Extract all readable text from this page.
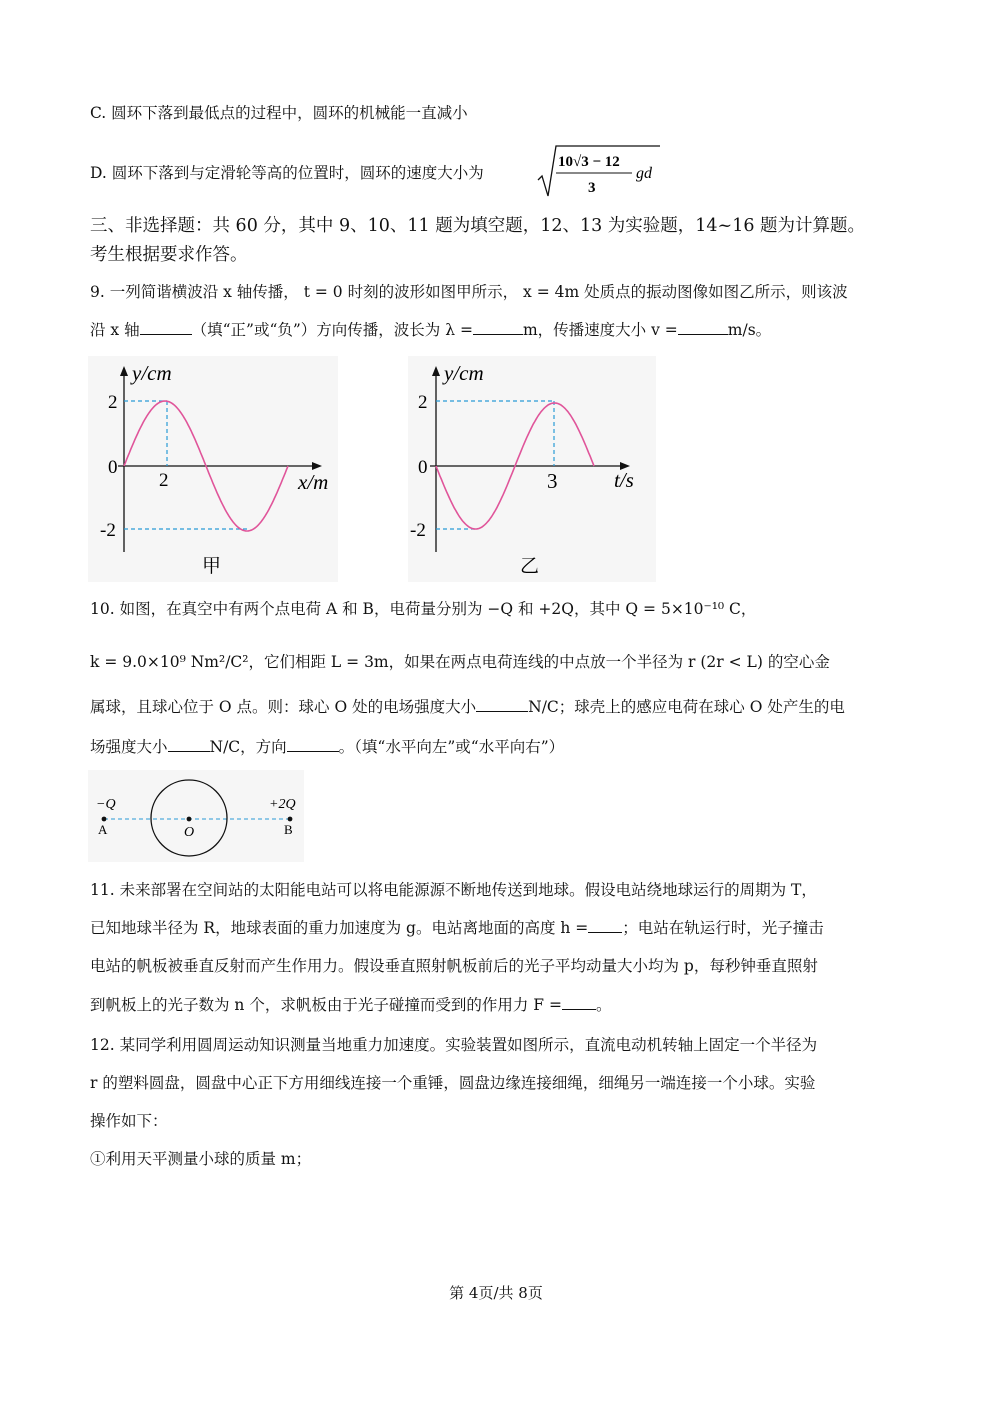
C. 圆环下落到最低点的过程中，圆环的机械能一直减小
D. 圆环下落到与定滑轮等高的位置时，圆环的速度大小为
10√3 − 12
3
gd
三、非选择题：共 60 分，其中 9、10、11 题为填空题，12、13 为实验题，14~16 题为计算题。
考生根据要求作答。
9. 一列简谐横波沿 x 轴传播， t = 0 时刻的波形如图甲所示， x = 4m 处质点的振动图像如图乙所示，则该波
沿 x 轴	（填“正”或“负”）方向传播，波长为 λ =	m，传播速度大小 v =	m/s。
y/cm
2
0
-2
2	x/m
甲
y/cm
2
0
-2
3	t/s
乙
10. 如图，在真空中有两个点电荷 A 和 B，电荷量分别为 −Q 和 +2Q，其中 Q = 5×10⁻¹⁰ C，
k = 9.0×10⁹ Nm²/C²，它们相距 L = 3m，如果在两点电荷连线的中点放一个半径为 r (2r < L) 的空心金
属球，且球心位于 O 点。则：球心 O 处的电场强度大小	N/C；球壳上的感应电荷在球心 O 处产生的电
场强度大小	N/C，方向	。（填“水平向左”或“水平向右”）
−Q	+2Q
A	O	B
11. 未来部署在空间站的太阳能电站可以将电能源源不断地传送到地球。假设电站绕地球运行的周期为 T，
已知地球半径为 R，地球表面的重力加速度为 g。电站离地面的高度 h = ；电站在轨运行时，光子撞击
电站的帆板被垂直反射而产生作用力。假设垂直照射帆板前后的光子平均动量大小均为 p，每秒钟垂直照射
到帆板上的光子数为 n 个，求帆板由于光子碰撞而受到的作用力 F = 。
12. 某同学利用圆周运动知识测量当地重力加速度。实验装置如图所示，直流电动机转轴上固定一个半径为
r 的塑料圆盘，圆盘中心正下方用细线连接一个重锤，圆盘边缘连接细绳，细绳另一端连接一个小球。实验
操作如下：
①利用天平测量小球的质量 m；
第 4页/共 8页
